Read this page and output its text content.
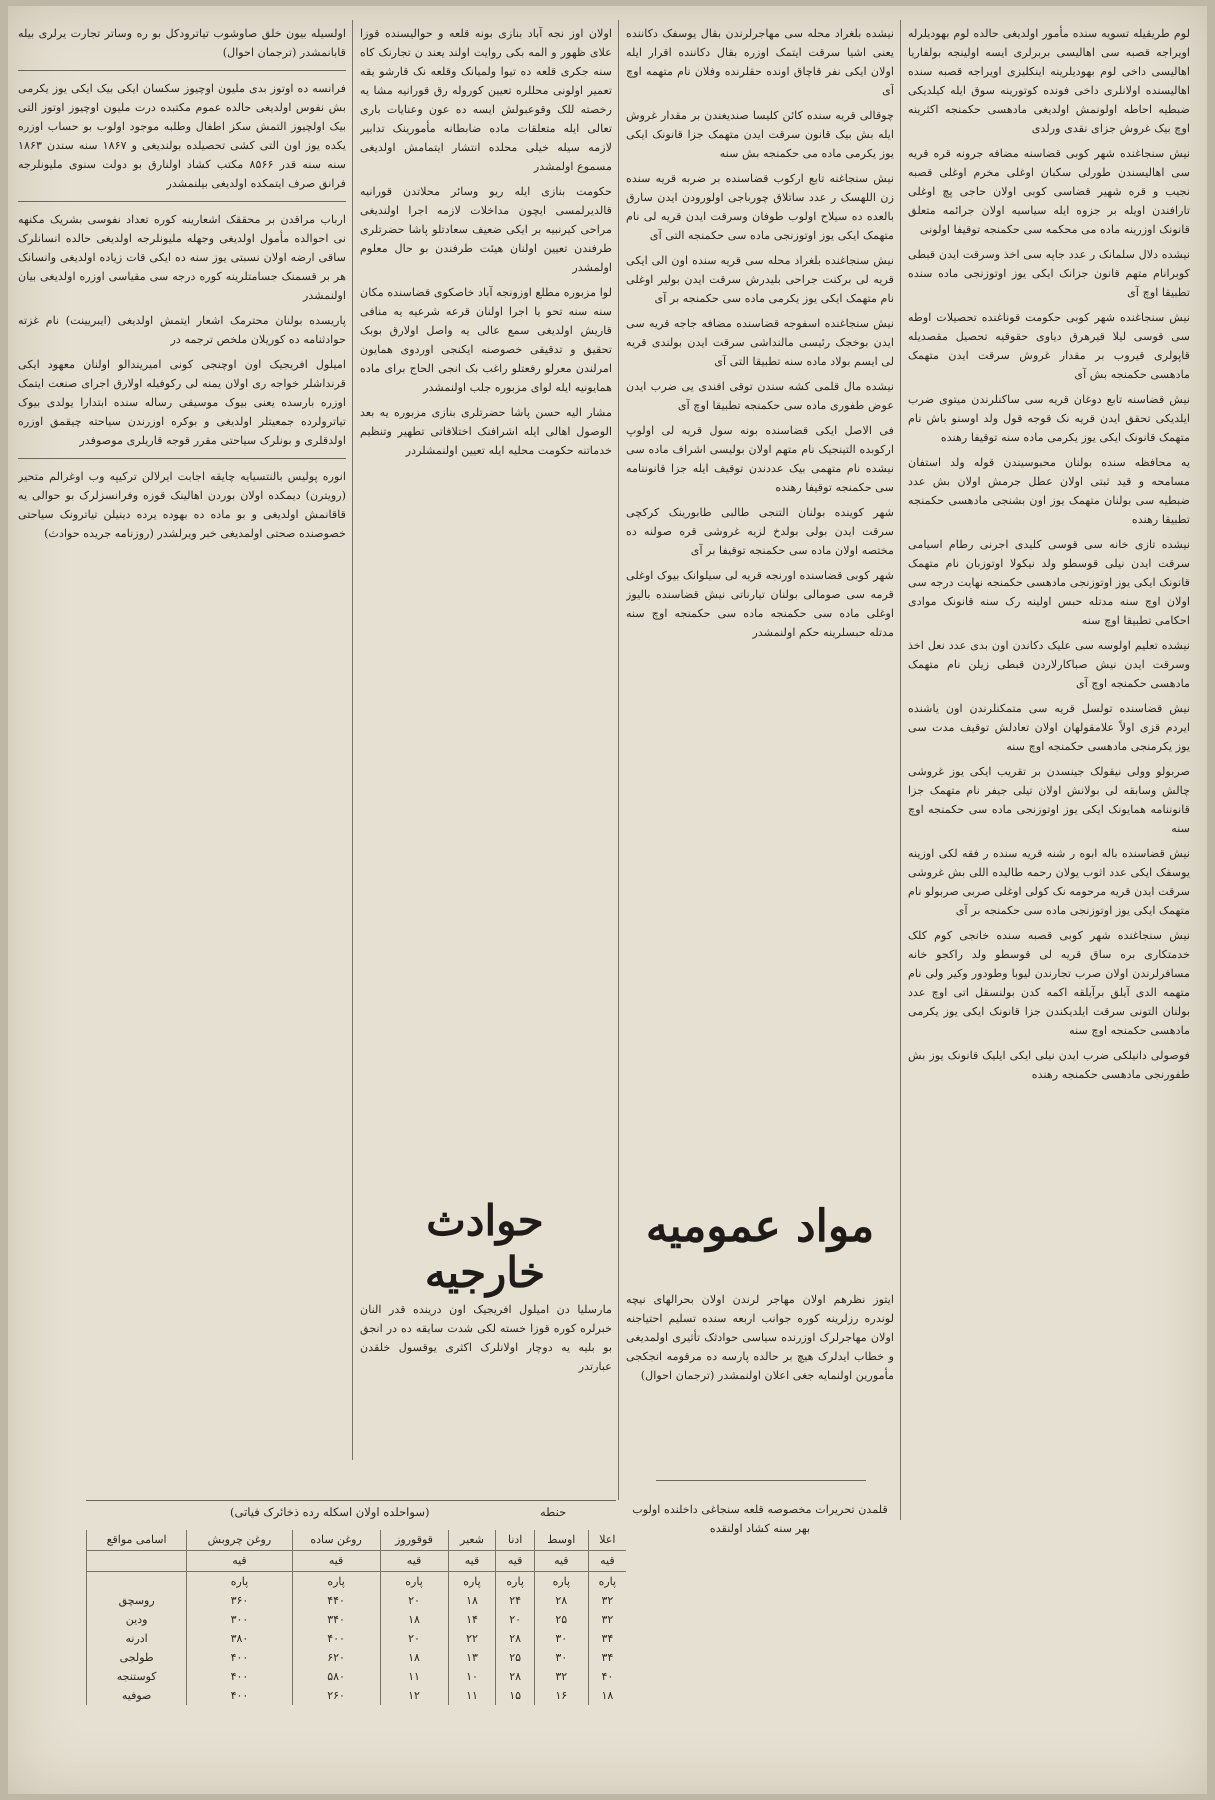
لوم طریقیله تسویه سنده مأمور اولدیغی حالده لوم بهودیلرله اویراجه قصبه سی اهالیسی بربرلری ایسه اولینجه بولفاریا اهالیسی داخی لوم بهودیلرینه اینکلیزی اویراجه قصبه سنده اهالیسنده اولانلری داخی فونده کوتورینه سوق ایله کیلدیکی ضبطیه احاطه اولونمش اولدیغی مادهسی حکمنجه اکثرینه اوچ بیک غروش جزای نقدی ورلدی

نیش سنجاغنده شهر کوبی قضاسنه مضافه جرونه قره قریه سی اهالیسندن طورلی سکبان اوغلی مخرم اوغلی قصبه نجیب و قره شهیر قضاسی کوبی اولان حاجی پچ اوغلی تارافندن اویله بر جزوه ایله سیاسیه اولان جرائمه متعلق قانونک اوزرینه ماده می محکمه سی حکمنجه توقیفا اولونی

نیشده دلال سلمانک ر عدد جاپه سی اخذ وسرقت ایدن قبطی کوبرانام متهم قانون جزانک ایکی یوز اوتوزنجی ماده سنده تطبیقا اوچ آی

نیش سنجاغنده شهر کوبی حکومت قوناغنده تحصیلات اوطه سی قوسی لیلا قیرهرق دیاوی حقوقیه تحصیل مقصدیله قاپولری قیروب بر مقدار غروش سرقت ایدن متهمک مادهسی حکمنجه بش آی

نیش قضاسنه تابع دوغان قریه سی ساکنلرندن میتوی ضرب ایلدیکی تحقق ایدن قریه نک قوجه قول ولد اوسنو باش نام متهمک قانونک ایکی یوز یکرمی ماده سنه توقیفا رهنده

یه محافظه سنده بولنان محبوسیندن قوله ولد استفان مسامحه و قید ثبتی اولان عطل جرمش اولان بش عدد ضبطیه سی بولنان متهمک یوز اون بشنجی مادهسی حکمنجه تطبیقا رهنده

نیشده تازی خانه سی قوسی کلیدی اجرنی رطام اسیامی سرقت ایدن نیلی قوسطو ولد نیکولا اوتوزبان نام متهمک قانونک ایکی یوز اوتوزنجی مادهسی حکمنجه نهایت درجه سی اولان اوچ سنه مدتله حبس اولینه رک سنه قانونک موادی احکامی تطبیقا اوچ سنه

نیشده تعلیم اولوسه سی علیک دکاندن اون بدی عدد نعل اخذ وسرقت ایدن نیش صباکارلاردن قبطی زیلن نام متهمک مادهسی حکمنجه اوچ آی

نیش قضاسنده تولسل قریه سی متمکنلرندن اون یاشنده ایردم قزی اولاً علامقولهان اولان تعادلش توقیف مدت سی یوز یکرمنجی مادهسی حکمنجه اوچ سنه

صربولو وولی نیقولک جینسدن بر تقریب ایکی یوز غروشی چالش وسابقه لی بولانش اولان تیلی جیفر نام متهمک جزا قانوننامه همایونک ایکی یوز اوتوزنجی ماده سی حکمنجه اوچ سنه

نیش قضاسنده باله ابوه ر شنه قریه سنده ر فقه لکی اوزینه یوسفک ایکی عدد اثوب یولان رحمه طالیده اللی بش غروشی سرقت ایدن قریه مرحومه نک کولی اوغلی صربی صربولو نام متهمک ایکی یوز اوتوزنجی ماده سی حکمنجه بر آی

نیش سنجاغنده شهر کوبی قصبه سنده خانجی کوم کلک خدمتکاری بره ساق قریه لی قوسطو ولد راکجو خانه مسافرلرندن اولان صرب تجارندن لیوبا وطودور وکیر ولی نام متهمه الدی آیلق برآیلقه اکمه کدن بولنسقل اتی اوچ عدد بولنان التونی سرقت ایلدیکندن جزا قانونک ایکی یوز یکرمی مادهسی حکمنجه اوچ سنه

فوصولی دانیلکی ضرب ایدن نیلی ایکی ایلیک قانونک یوز بش طفورنجی مادهسی حکمنجه رهنده

نیشده بلغراد محله سی مهاجرلرندن بقال یوسفک دکاننده یعنی اشیا سرقت ایتمک اوزره بقال دکاننده اقرار ایله اولان ایکی نفر قاچاق اونده حقلرنده وفلان نام متهمه اوچ آی

چوقالی قریه سنده کائن کلیسا صندیغندن بر مقدار غروش ایله بش بیک قانون سرقت ایدن متهمک جزا قانونک ایکی یوز یکرمی ماده می حکمنجه بش سنه

نیش سنجاغنه تابع ارکوب قضاسنده بر ضربه قریه سنده زن اللهسک ر عدد ساتلاق چورباجی اولورودن ایدن سارق بالعده ده سیلاح اولوب طوفان وسرقت ایدن قریه لی نام متهمک ایکی یوز اوتوزنجی ماده سی حکمنجه التی آی

نیش سنجاغنده بلغراد محله سی قریه سنده اون الی ایکی قریه لی برکنت جراحی بلیدرش سرقت ایدن بولیر اوغلی نام متهمک ایکی یوز یکرمی ماده سی حکمنجه بر آی

نیش سنجاغنده اسفوجه قضاسنده مضافه جاجه قریه سی ایدن بوخجک رئیسی مالنداشی سرقت ایدن بولندی قریه لی ایسم بولاد ماده سنه تطبیقا التی آی

نیشده مال قلمی کشه سندن توقی افندی یی ضرب ایدن عوض طفوری ماده سی حکمنجه تطبیقا اوچ آی

فی الاصل ایکی قضاسنده بونه سول قریه لی اولوپ ارکوبده التینجیک نام متهم اولان بولیسی اشراف ماده سی نیشده نام متهمی بیک عددندن توقیف ایله جزا قانوننامه سی حکمنجه توقیفا رهنده

شهر کوینده بولنان التنجی طالبی طابورینک کرکچی سرقت ایدن بولی بولدخ لزیه غروشی قره صولنه ده مختصه اولان ماده سی حکمنجه توقیفا بر آی

شهر کوبی قضاسنده اورنجه قریه لی سیلوانک بیوک اوغلی قرمه سی صومالی بولنان تیارناتی نیش قضاسنده بالیوز اوغلی ماده سی حکمنجه ماده سی حکمنجه اوچ سنه مدتله حبسلرینه حکم اولنمشدر

مواد عمومیه

ایتوز نظرهم اولان مهاجر لرندن اولان بحرالهای نیچه لوندره رزلرینه کوره جوانب اربعه سنده تسلیم احتیاجنه اولان مهاجرلرک اوزرنده سیاسی حوادثک تأثیری اولمدیغی و خطاب ایدلرک هیچ بر حالده پارسه ده مرقومه انجکجی مأمورین اولنمایه جغی اعلان اولنمشدر (ترجمان احوال)

قلمدن تحریرات مخصوصه قلعه سنجاغی داخلنده اولوب بهر سنه کشاد اولنقده

اولان اوز نجه آباد بنازی بونه قلعه و حوالیسنده قوزا علای ظهور و المه بکی روایت اولند یعند ن تجارنک کاه سنه جکری قلعه ده تیوا ولمیانک وقلعه نک قارشو یقه تعمیر اولونی محللره تعیین کوروله رق قورانیه مشا یه رخصته للک وقوعبولش ایسه ده عون وعنایات باری تعالی ایله متعلقات ماده ضابطانه مأمورینک تدابیر لازمه سیله خیلی محلده انتشار ایتمامش اولدیغی مسموع اولمشدر

حکومت بنازی ایله ریو وسائر محلاتدن قورانیه قالدیرلمسی ایچون مداخلات لازمه اجرا اولندیغی مراحی کیرنبیه بر ایکی ضعیف سعادتلو پاشا حضرتلری طرفندن تعیین اولنان هیئت طرفندن بو حال معلوم اولمشدر

لوا مزبوره مطلع اوزونجه آباد خاصکوی قضاسنده مکان سنه سنه تحو یا اجرا اولنان قرعه شرعیه یه منافی قاریش اولدیغی سمع عالی یه واصل اولارق بوبک تحقیق و تدقیقی خصوصنه ایکنجی اوردوی همایون امرلندن معرلو رفعتلو راغب بک انجی الحاج برای ماده همایونیه ایله لوای مزبوره جلب اولنمشدر

مشار الیه حسن پاشا حضرتلری بنازی مزبوره یه بعد الوصول اهالی ایله اشرافنک اختلافاتی تطهیر وتنظیم خدماتنه حکومت محلیه ایله تعیین اولنمشلردر

حوادث خارجیه

مارسلیا دن امیلول افریجیک اون درینده قدر النان خبرلره کوره قوزا خسته لکی شدت سایقه ده در انجق بو بلیه یه دوچار اولانلرک اکثری یوقسول خلقدن عبارتدر

اولسیله بیون خلق صاوشوب تیاترودکل بو ره وساتر تجارت یرلری بیله قابانمشدر (ترجمان احوال)

فرانسه ده اوتوز بدی ملیون اوچیوز سکسان ایکی بیک ایکی یوز یکرمی بش نفوس اولدیغی حالده عموم مکتبده درت ملیون اوچیوز اوتوز التی بیک اولچیوز التمش سکز اطفال وطلبه موجود اولوب بو حساب اوزره یکده یوز اون التی کشی تحصیلده بولندیغی و ۱۸۶۷ سنه سندن ۱۸۶۳ سنه سنه قدر ۸۵۶۶ مکتب کشاد اولنارق بو دولت سنوی ملیونلرجه فرانق صرف ایتمکده اولدیغی بیلنمشدر

ارباب مراقدن بر محققک اشعارینه کوره تعداد نفوسی بشریک مکنهه نی احوالده مأمول اولدیغی وجهله ملیونلرجه اولدیغی حالده انسانلرک ساقی ارضه اولان نسبتی یوز سنه ده ایکی قات زیاده اولدیغی وانسانک هر بر قسمنک جسامتلرینه کوره درجه سی مقیاسی اوزره اولدیغی بیان اولنمشدر

پاریسده بولنان محترمک اشعار ایتمش اولدیغی (ایبریینت) نام غزته حوادثنامه ده کوریلان ملخص ترجمه در

امیلول افریجیک اون اوچنجی کونی امیریندالو اولنان معهود ایکی قرنداشلر خواجه ری اولان یمنه لی رکوفیله اولارق اجرای صنعت ایتمک اوزره بارسده یعنی بیوک موسیقی رساله سنده ابتدارا یولدی بیوک تیاترولرده جمعیتلر اولدیغی و بوکره اوزرندن سیاحته چیقمق اوزره اولدقلری و بونلرک سیاحتی مقرر قوجه قاریلری موصوفدر

انوره پولیس بالنتسیایه چایقه اجابت ایرلالن ترکیپه وب اوغرالم متحیر (رویترن) دیمکده اولان بوردن اهالینک قوزه وفرانسزلرک بو حوالی یه قاقانمش اولدیغی و بو ماده ده بهوده یرده دینیلن تیاترونک سیاحتی خصوصنده صحتی اولمدیغی خبر ویرلشدر (روزنامه جریده حوادث)

(سواحلده اولان اسکله رده ذخائرک فیاتی)	حنطه
اعلا	اوسط	ادنا	شعیر	قوقوروز	روغن ساده	روغن چروبش	اسامی مواقع
قیه	قیه	قیه	قیه	قیه	قیه	قیه	
پاره	پاره	پاره	پاره	پاره	پاره	پاره	
۳۲	۲۸	۲۴	۱۸	۲۰	۴۴۰	۳۶۰	روسچق
۳۲	۲۵	۲۰	۱۴	۱۸	۳۴۰	۳۰۰	ودین
۳۴	۳۰	۲۸	۲۲	۲۰	۴۰۰	۳۸۰	ادرنه
۳۴	۳۰	۲۵	۱۳	۱۸	۶۲۰	۴۰۰	طولجی
۴۰	۳۲	۲۸	۱۰	۱۱	۵۸۰	۴۰۰	کوستنجه
۱۸	۱۶	۱۵	۱۱	۱۲	۲۶۰	۴۰۰	صوفیه
